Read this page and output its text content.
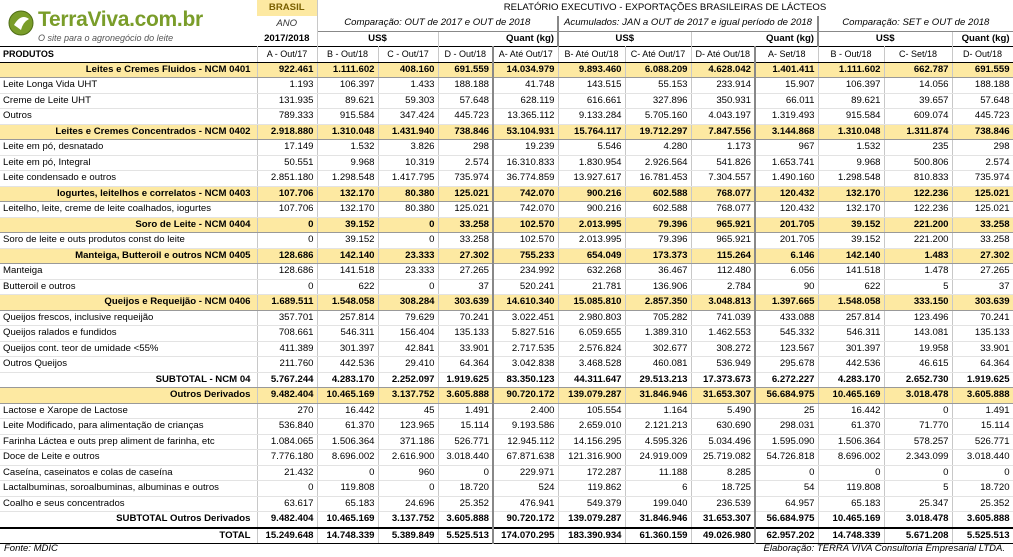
	BRASIL	RELATÓRIO EXECUTIVO - EXPORTAÇÕES BRASILEIRAS DE LÁCTEOS										
	ANO	Comparação: OUT de 2017 e OUT de 2018				Acumulados: JAN a OUT de 2017 e igual período de 2018				Comparação: SET e OUT de 2018		
	2017/2018	US$		Quant (kg)		US$		Quant (kg)		US$		Quant (kg)
PRODUTOS	A - Out/17	B - Out/18	C - Out/17	D - Out/18	A- Até Out/17	B- Até Out/18	C- Até Out/17	D- Até Out/18	A- Set/18	B - Out/18	C- Set/18	D- Out/18
Leites e Cremes Fluidos - NCM 0401	922.461	1.111.602	408.160	691.559	14.034.979	9.893.460	6.088.209	4.628.042	1.401.411	1.111.602	662.787	691.559
Leite Longa Vida UHT	1.193	106.397	1.433	188.188	41.748	143.515	55.153	233.914	15.907	106.397	14.056	188.188
Creme de Leite UHT	131.935	89.621	59.303	57.648	628.119	616.661	327.896	350.931	66.011	89.621	39.657	57.648
Outros	789.333	915.584	347.424	445.723	13.365.112	9.133.284	5.705.160	4.043.197	1.319.493	915.584	609.074	445.723
Leites e Cremes Concentrados - NCM 0402	2.918.880	1.310.048	1.431.940	738.846	53.104.931	15.764.117	19.712.297	7.847.556	3.144.868	1.310.048	1.311.874	738.846
Leite em pó, desnatado	17.149	1.532	3.826	298	19.239	5.546	4.280	1.173	967	1.532	235	298
Leite em pó, Integral	50.551	9.968	10.319	2.574	16.310.833	1.830.954	2.926.564	541.826	1.653.741	9.968	500.806	2.574
Leite condensado e outros	2.851.180	1.298.548	1.417.795	735.974	36.774.859	13.927.617	16.781.453	7.304.557	1.490.160	1.298.548	810.833	735.974
Iogurtes, leitelhos e correlatos - NCM 0403	107.706	132.170	80.380	125.021	742.070	900.216	602.588	768.077	120.432	132.170	122.236	125.021
Leitelho, leite, creme de leite coalhados, iogurtes	107.706	132.170	80.380	125.021	742.070	900.216	602.588	768.077	120.432	132.170	122.236	125.021
Soro de Leite - NCM 0404	0	39.152	0	33.258	102.570	2.013.995	79.396	965.921	201.705	39.152	221.200	33.258
Soro de leite e outs produtos const do leite	0	39.152	0	33.258	102.570	2.013.995	79.396	965.921	201.705	39.152	221.200	33.258
Manteiga, Butteroil e outros NCM 0405	128.686	142.140	23.333	27.302	755.233	654.049	173.373	115.264	6.146	142.140	1.483	27.302
Manteiga	128.686	141.518	23.333	27.265	234.992	632.268	36.467	112.480	6.056	141.518	1.478	27.265
Butteroil e outros	0	622	0	37	520.241	21.781	136.906	2.784	90	622	5	37
Queijos e Requeijão - NCM 0406	1.689.511	1.548.058	308.284	303.639	14.610.340	15.085.810	2.857.350	3.048.813	1.397.665	1.548.058	333.150	303.639
Queijos frescos, inclusive requeijão	357.701	257.814	79.629	70.241	3.022.451	2.980.803	705.282	741.039	433.088	257.814	123.496	70.241
Queijos ralados e fundidos	708.661	546.311	156.404	135.133	5.827.516	6.059.655	1.389.310	1.462.553	545.332	546.311	143.081	135.133
Queijos cont. teor de umidade <55%	411.389	301.397	42.841	33.901	2.717.535	2.576.824	302.677	308.272	123.567	301.397	19.958	33.901
Outros Queijos	211.760	442.536	29.410	64.364	3.042.838	3.468.528	460.081	536.949	295.678	442.536	46.615	64.364
SUBTOTAL - NCM 04	5.767.244	4.283.170	2.252.097	1.919.625	83.350.123	44.311.647	29.513.213	17.373.673	6.272.227	4.283.170	2.652.730	1.919.625
Outros Derivados	9.482.404	10.465.169	3.137.752	3.605.888	90.720.172	139.079.287	31.846.946	31.653.307	56.684.975	10.465.169	3.018.478	3.605.888
Lactose e Xarope de Lactose	270	16.442	45	1.491	2.400	105.554	1.164	5.490	25	16.442	0	1.491
Leite Modificado, para alimentação de crianças	536.840	61.370	123.965	15.114	9.193.586	2.659.010	2.121.213	630.690	298.031	61.370	71.770	15.114
Farinha Láctea e outs prep aliment de farinha, etc	1.084.065	1.506.364	371.186	526.771	12.945.112	14.156.295	4.595.326	5.034.496	1.595.090	1.506.364	578.257	526.771
Doce de Leite e outros	7.776.180	8.696.002	2.616.900	3.018.440	67.871.638	121.316.900	24.919.009	25.719.082	54.726.818	8.696.002	2.343.099	3.018.440
Caseína, caseinatos e colas de caseína	21.432	0	960	0	229.971	172.287	11.188	8.285	0	0	0	0
Lactalbuminas, soroalbuminas, albuminas e outros	0	119.808	0	18.720	524	119.862	6	18.725	54	119.808	5	18.720
Coalho e seus concentrados	63.617	65.183	24.696	25.352	476.941	549.379	199.040	236.539	64.957	65.183	25.347	25.352
SUBTOTAL Outros Derivados	9.482.404	10.465.169	3.137.752	3.605.888	90.720.172	139.079.287	31.846.946	31.653.307	56.684.975	10.465.169	3.018.478	3.605.888
TOTAL	15.249.648	14.748.339	5.389.849	5.525.513	174.070.295	183.390.934	61.360.159	49.026.980	62.957.202	14.748.339	5.671.208	5.525.513
TerraViva.com.br
O site para o agronegócio do leite
Fonte: MDIC	Elaboração: TERRA VIVA Consultoria Empresarial LTDA.
